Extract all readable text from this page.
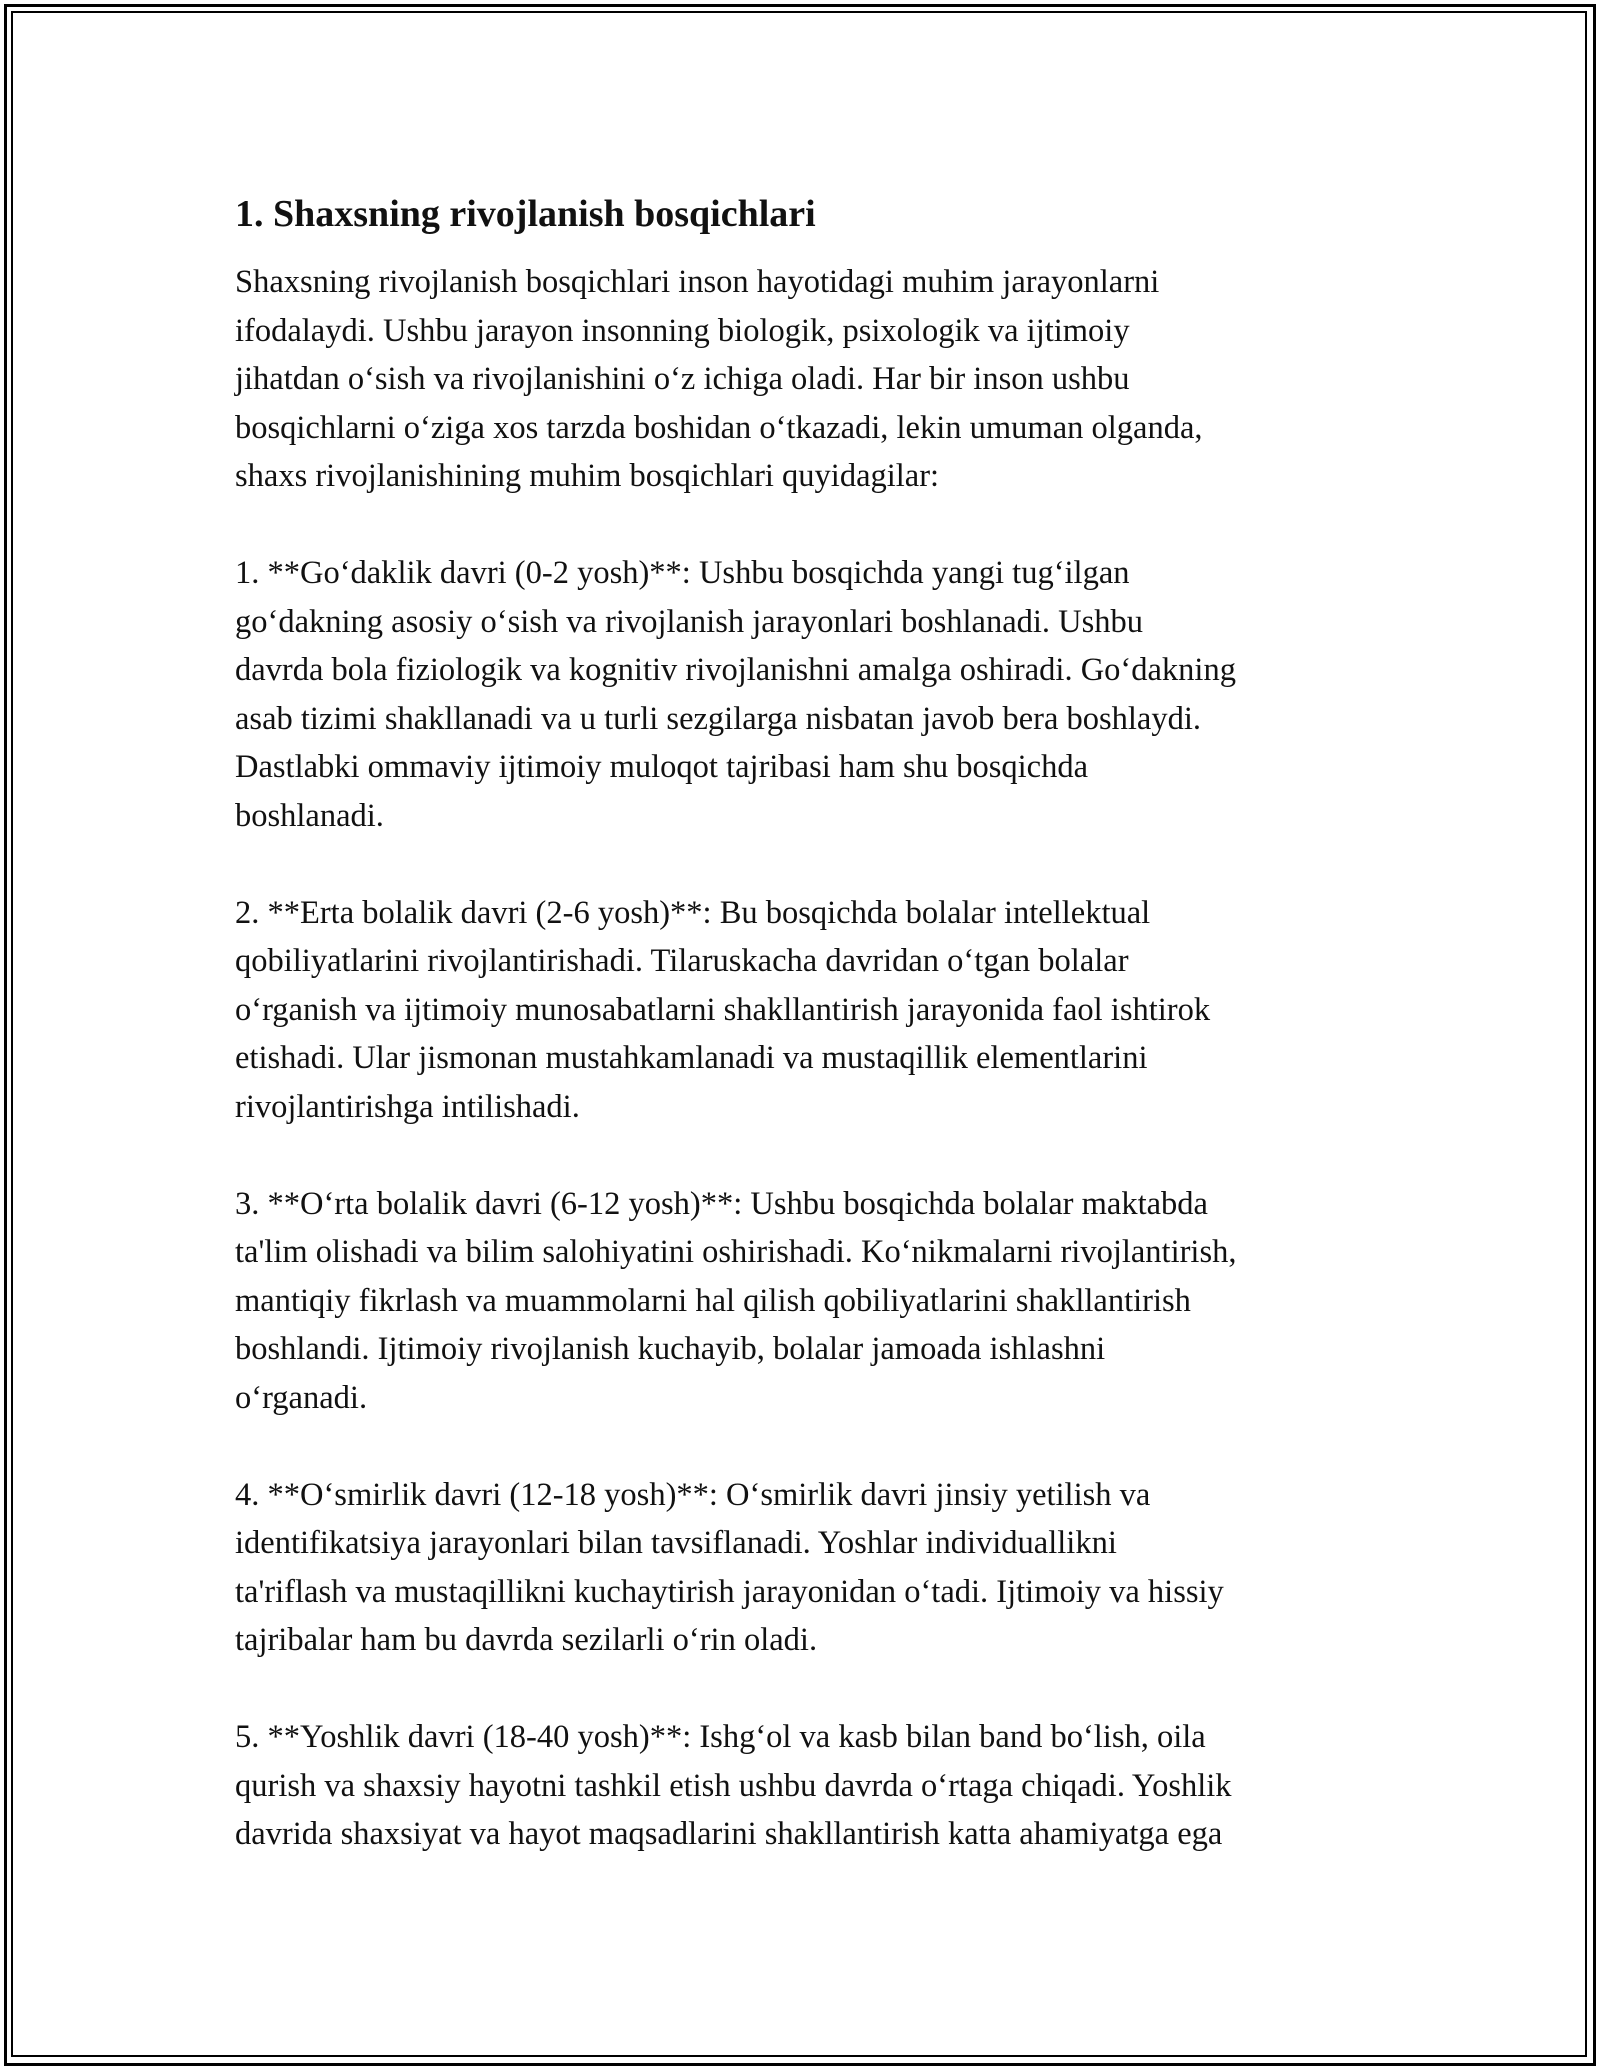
1. Shaxsning rivojlanish bosqichlari
Shaxsning rivojlanish bosqichlari inson hayotidagi muhim jarayonlarni
ifodalaydi. Ushbu jarayon insonning biologik, psixologik va ijtimoiy
jihatdan o‘sish va rivojlanishini o‘z ichiga oladi. Har bir inson ushbu
bosqichlarni o‘ziga xos tarzda boshidan o‘tkazadi, lekin umuman olganda,
shaxs rivojlanishining muhim bosqichlari quyidagilar:
1. **Go‘daklik davri (0-2 yosh)**: Ushbu bosqichda yangi tug‘ilgan
go‘dakning asosiy o‘sish va rivojlanish jarayonlari boshlanadi. Ushbu
davrda bola fiziologik va kognitiv rivojlanishni amalga oshiradi. Go‘dakning
asab tizimi shakllanadi va u turli sezgilarga nisbatan javob bera boshlaydi.
Dastlabki ommaviy ijtimoiy muloqot tajribasi ham shu bosqichda
boshlanadi.
2. **Erta bolalik davri (2-6 yosh)**: Bu bosqichda bolalar intellektual
qobiliyatlarini rivojlantirishadi. Tilaruskacha davridan o‘tgan bolalar
o‘rganish va ijtimoiy munosabatlarni shakllantirish jarayonida faol ishtirok
etishadi. Ular jismonan mustahkamlanadi va mustaqillik elementlarini
rivojlantirishga intilishadi.
3. **O‘rta bolalik davri (6-12 yosh)**: Ushbu bosqichda bolalar maktabda
ta'lim olishadi va bilim salohiyatini oshirishadi. Ko‘nikmalarni rivojlantirish,
mantiqiy fikrlash va muammolarni hal qilish qobiliyatlarini shakllantirish
boshlandi. Ijtimoiy rivojlanish kuchayib, bolalar jamoada ishlashni
o‘rganadi.
4. **O‘smirlik davri (12-18 yosh)**: O‘smirlik davri jinsiy yetilish va
identifikatsiya jarayonlari bilan tavsiflanadi. Yoshlar individuallikni
ta'riflash va mustaqillikni kuchaytirish jarayonidan o‘tadi. Ijtimoiy va hissiy
tajribalar ham bu davrda sezilarli o‘rin oladi.
5. **Yoshlik davri (18-40 yosh)**: Ishg‘ol va kasb bilan band bo‘lish, oila
qurish va shaxsiy hayotni tashkil etish ushbu davrda o‘rtaga chiqadi. Yoshlik
davrida shaxsiyat va hayot maqsadlarini shakllantirish katta ahamiyatga ega
